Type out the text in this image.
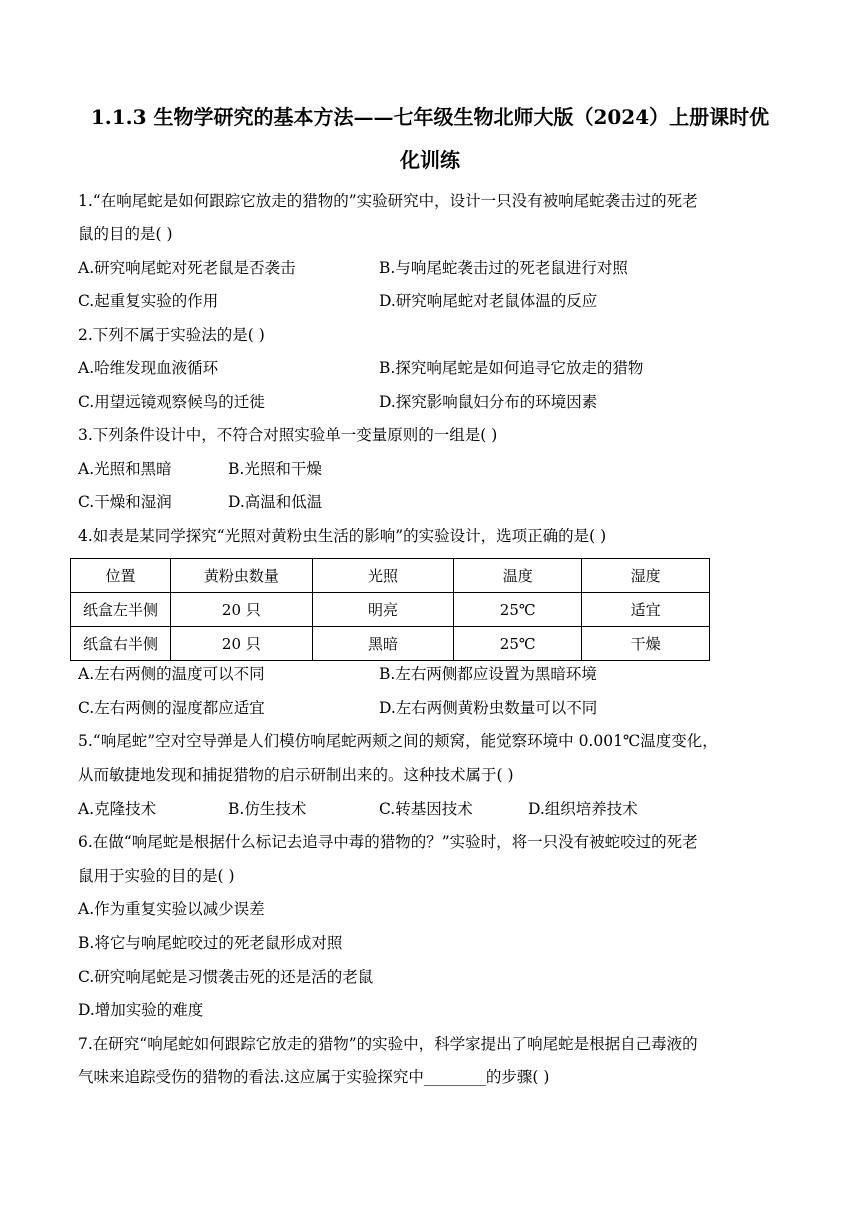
1.1.3 生物学研究的基本方法——七年级生物北师大版（2024）上册课时优
化训练
1.“在响尾蛇是如何跟踪它放走的猎物的”实验研究中，设计一只没有被响尾蛇袭击过的死老
鼠的目的是( )
A.研究响尾蛇对死老鼠是否袭击	B.与响尾蛇袭击过的死老鼠进行对照
C.起重复实验的作用	D.研究响尾蛇对老鼠体温的反应
2.下列不属于实验法的是( )
A.哈维发现血液循环	B.探究响尾蛇是如何追寻它放走的猎物
C.用望远镜观察候鸟的迁徙	D.探究影响鼠妇分布的环境因素
3.下列条件设计中，不符合对照实验单一变量原则的一组是( )
A.光照和黑暗	B.光照和干燥
C.干燥和湿润	D.高温和低温
4.如表是某同学探究“光照对黄粉虫生活的影响”的实验设计，选项正确的是( )
位置	黄粉虫数量	光照	温度	湿度
纸盒左半侧	20 只	明亮	25℃	适宜
纸盒右半侧	20 只	黑暗	25℃	干燥
A.左右两侧的温度可以不同	B.左右两侧都应设置为黑暗环境
C.左右两侧的湿度都应适宜	D.左右两侧黄粉虫数量可以不同
5.“响尾蛇”空对空导弹是人们模仿响尾蛇两颊之间的颊窝，能觉察环境中 0.001℃温度变化，
从而敏捷地发现和捕捉猎物的启示研制出来的。这种技术属于( )
A.克隆技术	B.仿生技术	C.转基因技术	D.组织培养技术
6.在做“响尾蛇是根据什么标记去追寻中毒的猎物的？”实验时，将一只没有被蛇咬过的死老
鼠用于实验的目的是( )
A.作为重复实验以减少误差
B.将它与响尾蛇咬过的死老鼠形成对照
C.研究响尾蛇是习惯袭击死的还是活的老鼠
D.增加实验的难度
7.在研究“响尾蛇如何跟踪它放走的猎物”的实验中，科学家提出了响尾蛇是根据自己毒液的
气味来追踪受伤的猎物的看法.这应属于实验探究中________的步骤( )
